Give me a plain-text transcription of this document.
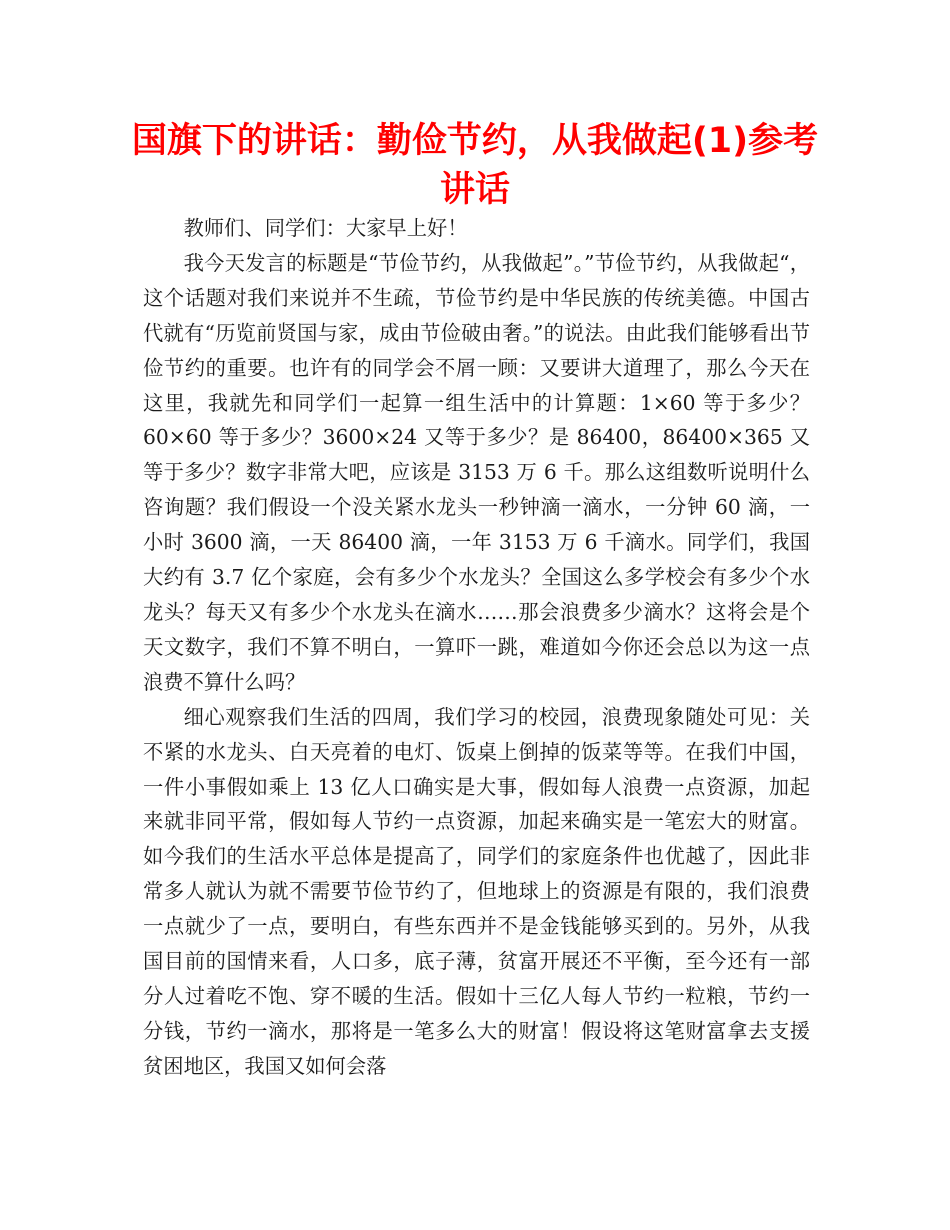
国旗下的讲话：勤俭节约，从我做起(1)参考讲话

教师们、同学们：大家早上好！

我今天发言的标题是“节俭节约，从我做起”。”节俭节约，从我做起“，这个话题对我们来说并不生疏，节俭节约是中华民族的传统美德。中国古代就有“历览前贤国与家，成由节俭破由奢。”的说法。由此我们能够看出节俭节约的重要。也许有的同学会不屑一顾：又要讲大道理了，那么今天在这里，我就先和同学们一起算一组生活中的计算题：1×60 等于多少？60×60 等于多少？3600×24 又等于多少？是 86400，86400×365 又等于多少？数字非常大吧，应该是 3153 万 6 千。那么这组数听说明什么咨询题？我们假设一个没关紧水龙头一秒钟滴一滴水，一分钟 60 滴，一小时 3600 滴，一天 86400 滴，一年 3153 万 6 千滴水。同学们，我国大约有 3.7 亿个家庭，会有多少个水龙头？全国这么多学校会有多少个水龙头？每天又有多少个水龙头在滴水……那会浪费多少滴水？这将会是个天文数字，我们不算不明白，一算吓一跳，难道如今你还会总以为这一点浪费不算什么吗？

细心观察我们生活的四周，我们学习的校园，浪费现象随处可见：关不紧的水龙头、白天亮着的电灯、饭桌上倒掉的饭菜等等。在我们中国，一件小事假如乘上 13 亿人口确实是大事，假如每人浪费一点资源，加起来就非同平常，假如每人节约一点资源，加起来确实是一笔宏大的财富。如今我们的生活水平总体是提高了，同学们的家庭条件也优越了，因此非常多人就认为就不需要节俭节约了，但地球上的资源是有限的，我们浪费一点就少了一点，要明白，有些东西并不是金钱能够买到的。另外，从我国目前的国情来看，人口多，底子薄，贫富开展还不平衡，至今还有一部分人过着吃不饱、穿不暖的生活。假如十三亿人每人节约一粒粮，节约一分钱，节约一滴水，那将是一笔多么大的财富！假设将这笔财富拿去支援贫困地区，我国又如何会落
